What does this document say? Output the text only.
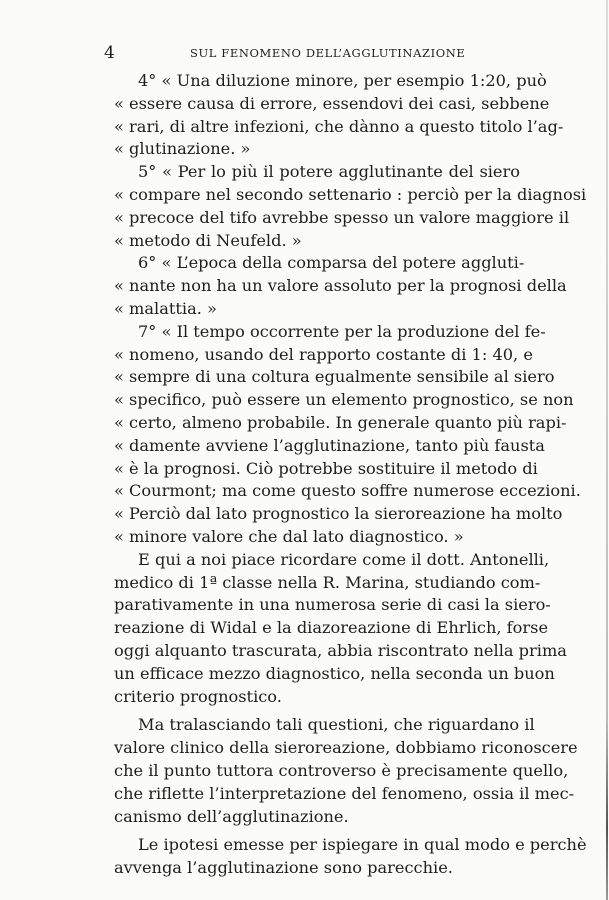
4	SUL FENOMENO DELL’AGGLUTINAZIONE
4° « Una diluzione minore, per esempio 1:20, può
« essere causa di errore, essendovi dei casi, sebbene
« rari, di altre infezioni, che dànno a questo titolo l’ag-
« glutinazione. »
5° « Per lo più il potere agglutinante del siero
« compare nel secondo settenario : perciò per la diagnosi
« precoce del tifo avrebbe spesso un valore maggiore il
« metodo di Neufeld. »
6° « L’epoca della comparsa del potere aggluti-
« nante non ha un valore assoluto per la prognosi della
« malattia. »
7° « Il tempo occorrente per la produzione del fe-
« nomeno, usando del rapporto costante di 1: 40, e
« sempre di una coltura egualmente sensibile al siero
« specifico, può essere un elemento prognostico, se non
« certo, almeno probabile. In generale quanto più rapi-
« damente avviene l’agglutinazione, tanto più fausta
« è la prognosi. Ciò potrebbe sostituire il metodo di
« Courmont; ma come questo soffre numerose eccezioni.
« Perciò dal lato prognostico la sieroreazione ha molto
« minore valore che dal lato diagnostico. »
E qui a noi piace ricordare come il dott. Antonelli,
medico di 1ª classe nella R. Marina, studiando com-
parativamente in una numerosa serie di casi la siero-
reazione di Widal e la diazoreazione di Ehrlich, forse
oggi alquanto trascurata, abbia riscontrato nella prima
un efficace mezzo diagnostico, nella seconda un buon
criterio prognostico.
Ma tralasciando tali questioni, che riguardano il
valore clinico della sieroreazione, dobbiamo riconoscere
che il punto tuttora controverso è precisamente quello,
che riflette l’interpretazione del fenomeno, ossia il mec-
canismo dell’agglutinazione.
Le ipotesi emesse per ispiegare in qual modo e perchè
avvenga l’agglutinazione sono parecchie.
